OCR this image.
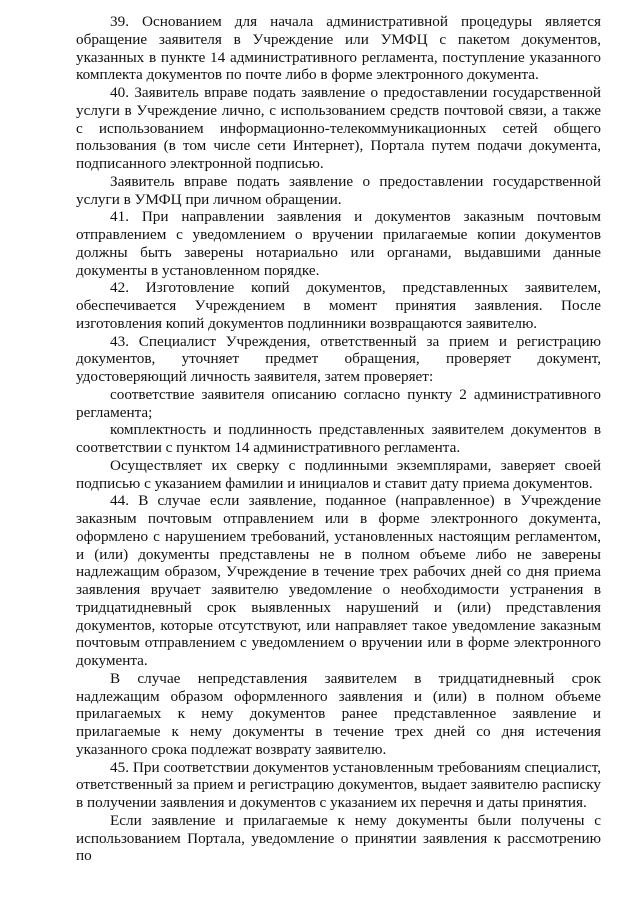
39. Основанием для начала административной процедуры является обращение заявителя в Учреждение или УМФЦ с пакетом документов, указанных в пункте 14 административного регламента, поступление указанного комплекта документов по почте либо в форме электронного документа.

40. Заявитель вправе подать заявление о предоставлении государственной услуги в Учреждение лично, с использованием средств почтовой связи, а также с использованием информационно-телекоммуникационных сетей общего пользования (в том числе сети Интернет), Портала путем подачи документа, подписанного электронной подписью.

Заявитель вправе подать заявление о предоставлении государственной услуги в УМФЦ при личном обращении.

41. При направлении заявления и документов заказным почтовым отправлением с уведомлением о вручении прилагаемые копии документов должны быть заверены нотариально или органами, выдавшими данные документы в установленном порядке.

42. Изготовление копий документов, представленных заявителем, обеспечивается Учреждением в момент принятия заявления. После изготовления копий документов подлинники возвращаются заявителю.

43. Специалист Учреждения, ответственный за прием и регистрацию документов, уточняет предмет обращения, проверяет документ, удостоверяющий личность заявителя, затем проверяет:

соответствие заявителя описанию согласно пункту 2 административного регламента;

комплектность и подлинность представленных заявителем документов в соответствии с пунктом 14 административного регламента.

Осуществляет их сверку с подлинными экземплярами, заверяет своей подписью с указанием фамилии и инициалов и ставит дату приема документов.

44. В случае если заявление, поданное (направленное) в Учреждение заказным почтовым отправлением или в форме электронного документа, оформлено с нарушением требований, установленных настоящим регламентом, и (или) документы представлены не в полном объеме либо не заверены надлежащим образом, Учреждение в течение трех рабочих дней со дня приема заявления вручает заявителю уведомление о необходимости устранения в тридцатидневный срок выявленных нарушений и (или) представления документов, которые отсутствуют, или направляет такое уведомление заказным почтовым отправлением с уведомлением о вручении или в форме электронного документа.

В случае непредставления заявителем в тридцатидневный срок надлежащим образом оформленного заявления и (или) в полном объеме прилагаемых к нему документов ранее представленное заявление и прилагаемые к нему документы в течение трех дней со дня истечения указанного срока подлежат возврату заявителю.

45. При соответствии документов установленным требованиям специалист, ответственный за прием и регистрацию документов, выдает заявителю расписку в получении заявления и документов с указанием их перечня и даты принятия.

Если заявление и прилагаемые к нему документы были получены с использованием Портала, уведомление о принятии заявления к рассмотрению по
